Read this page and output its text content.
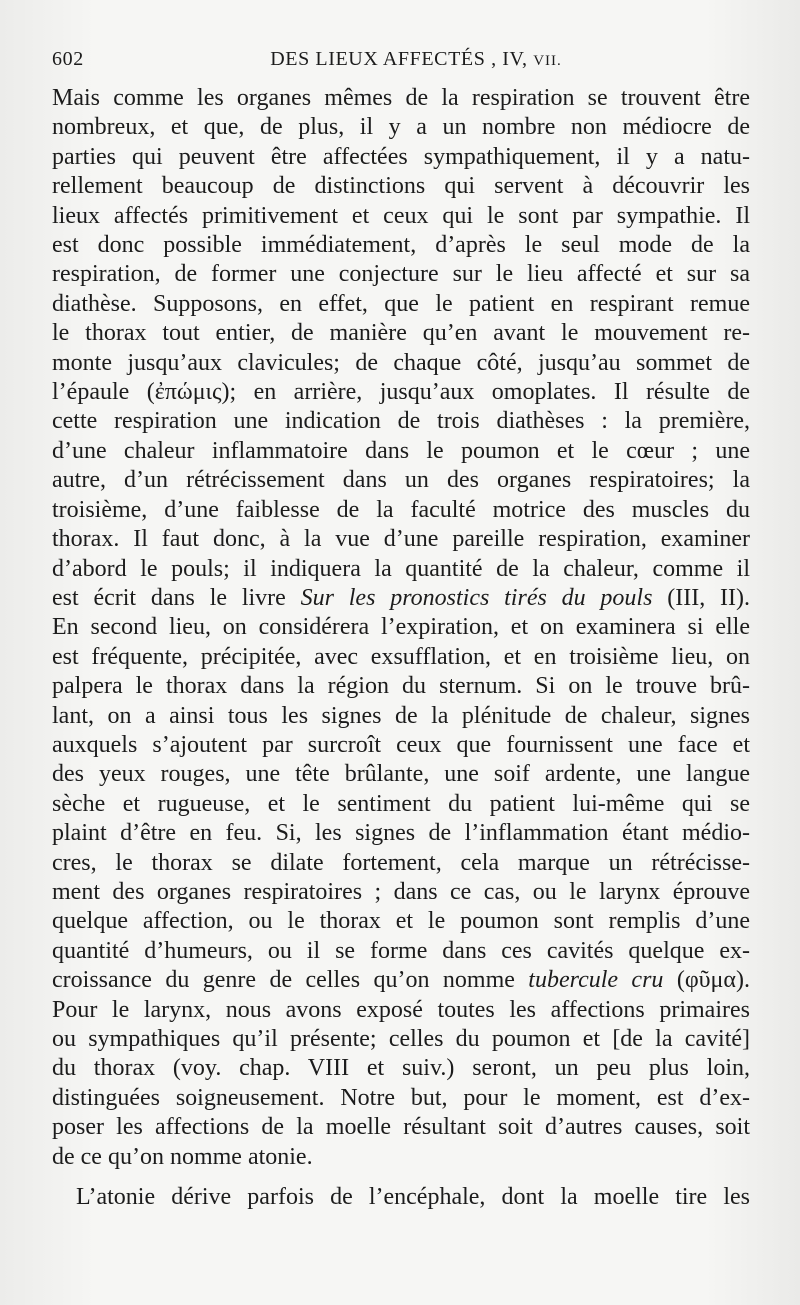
602	DES LIEUX AFFECTÉS , IV, VII.
Mais comme les organes mêmes de la respiration se trouvent être
nombreux, et que, de plus, il y a un nombre non médiocre de
parties qui peuvent être affectées sympathiquement, il y a natu-
rellement beaucoup de distinctions qui servent à découvrir les
lieux affectés primitivement et ceux qui le sont par sympathie. Il
est donc possible immédiatement, d’après le seul mode de la
respiration, de former une conjecture sur le lieu affecté et sur sa
diathèse. Supposons, en effet, que le patient en respirant remue
le thorax tout entier, de manière qu’en avant le mouvement re-
monte jusqu’aux clavicules; de chaque côté, jusqu’au sommet de
l’épaule (ἐπώμις); en arrière, jusqu’aux omoplates. Il résulte de
cette respiration une indication de trois diathèses : la première,
d’une chaleur inflammatoire dans le poumon et le cœur ; une
autre, d’un rétrécissement dans un des organes respiratoires; la
troisième, d’une faiblesse de la faculté motrice des muscles du
thorax. Il faut donc, à la vue d’une pareille respiration, examiner
d’abord le pouls; il indiquera la quantité de la chaleur, comme il
est écrit dans le livre Sur les pronostics tirés du pouls (III, II).
En second lieu, on considérera l’expiration, et on examinera si elle
est fréquente, précipitée, avec exsufflation, et en troisième lieu, on
palpera le thorax dans la région du sternum. Si on le trouve brû-
lant, on a ainsi tous les signes de la plénitude de chaleur, signes
auxquels s’ajoutent par surcroît ceux que fournissent une face et
des yeux rouges, une tête brûlante, une soif ardente, une langue
sèche et rugueuse, et le sentiment du patient lui-même qui se
plaint d’être en feu. Si, les signes de l’inflammation étant médio-
cres, le thorax se dilate fortement, cela marque un rétrécisse-
ment des organes respiratoires ; dans ce cas, ou le larynx éprouve
quelque affection, ou le thorax et le poumon sont remplis d’une
quantité d’humeurs, ou il se forme dans ces cavités quelque ex-
croissance du genre de celles qu’on nomme tubercule cru (φῦμα).
Pour le larynx, nous avons exposé toutes les affections primaires
ou sympathiques qu’il présente; celles du poumon et [de la cavité]
du thorax (voy. chap. VIII et suiv.) seront, un peu plus loin,
distinguées soigneusement. Notre but, pour le moment, est d’ex-
poser les affections de la moelle résultant soit d’autres causes, soit
de ce qu’on nomme atonie.
L’atonie dérive parfois de l’encéphale, dont la moelle tire les
